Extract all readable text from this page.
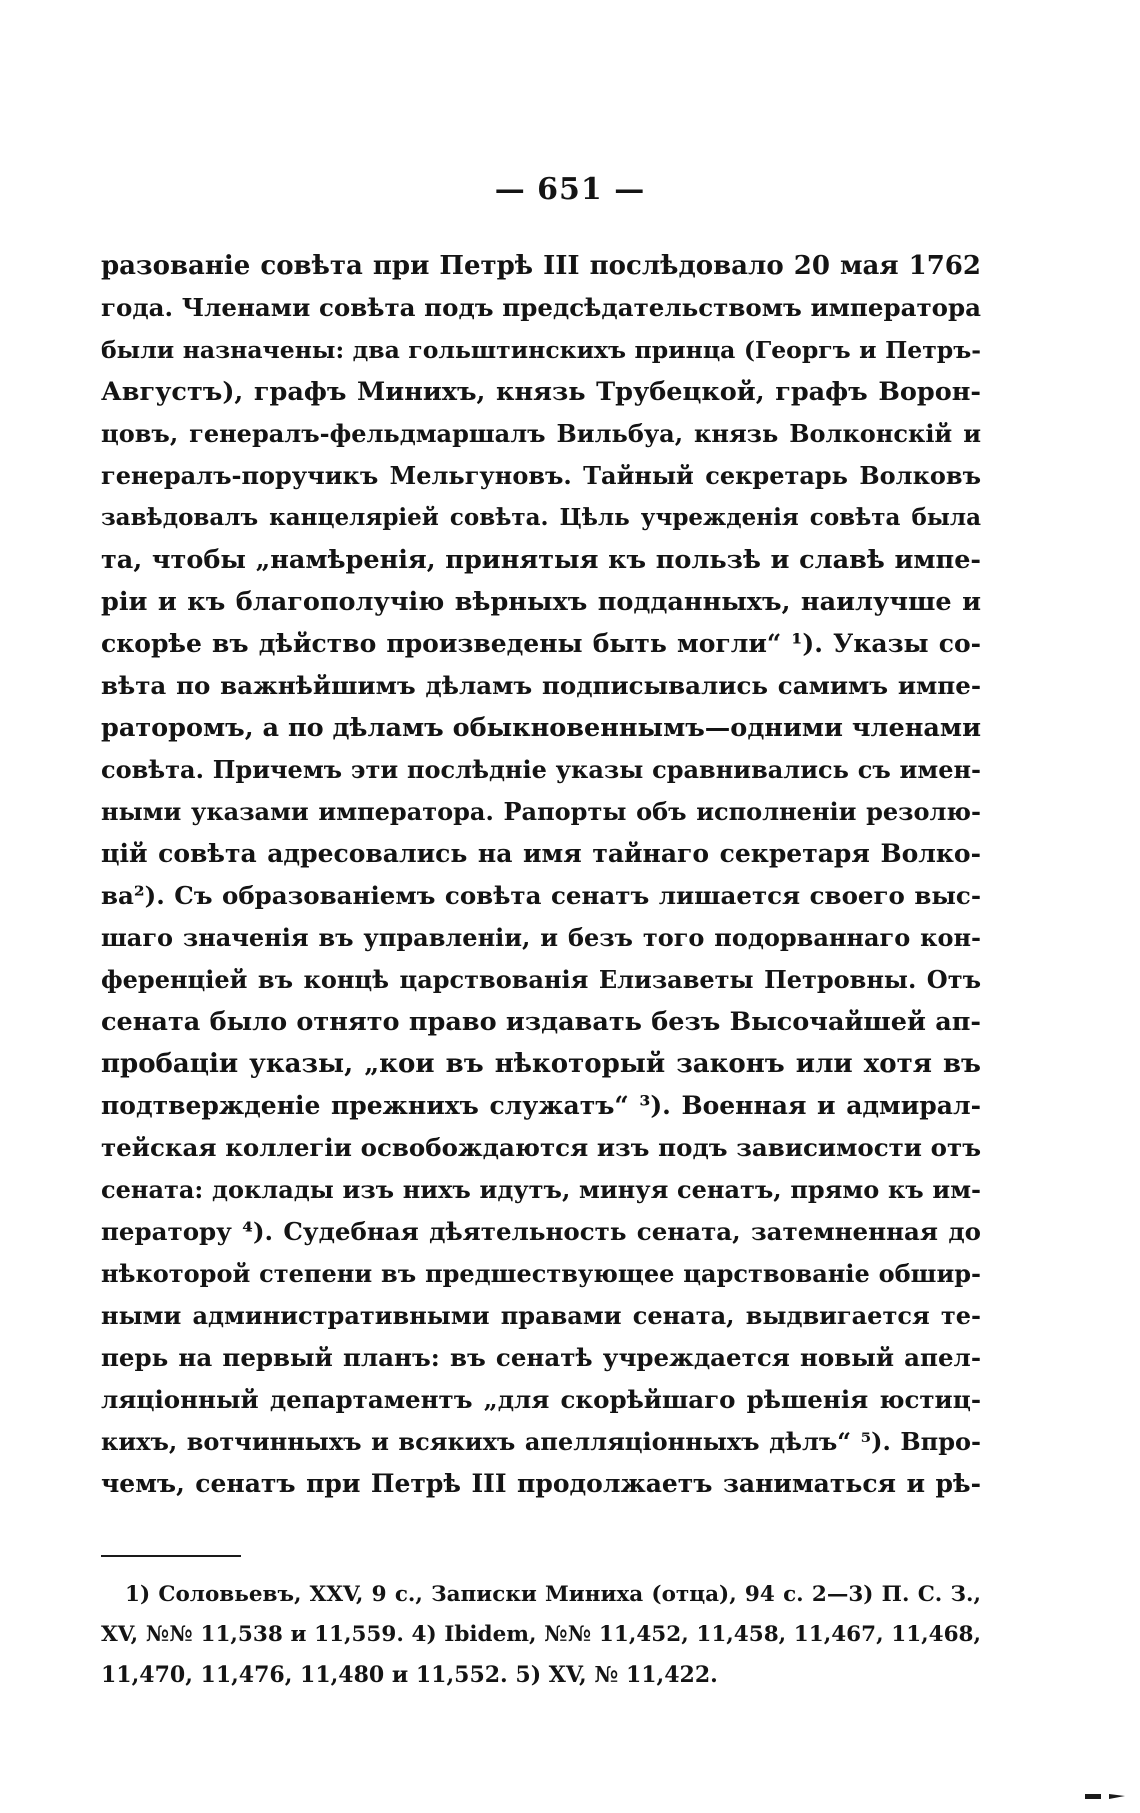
— 651 —
разованіе совѣта при Петрѣ III послѣдовало 20 мая 1762
года. Членами совѣта подъ предсѣдательствомъ императора
были назначены: два гольштинскихъ принца (Георгъ и Петръ-
Августъ), графъ Минихъ, князь Трубецкой, графъ Ворон-
цовъ, генералъ-фельдмаршалъ Вильбуа, князь Волконскій и
генералъ-поручикъ Мельгуновъ. Тайный секретарь Волковъ
завѣдовалъ канцеляріей совѣта. Цѣль учрежденія совѣта была
та, чтобы „намѣренія, принятыя къ пользѣ и славѣ импе-
ріи и къ благополучію вѣрныхъ подданныхъ, наилучше и
скорѣе въ дѣйство произведены быть могли“ ¹). Указы со-
вѣта по важнѣйшимъ дѣламъ подписывались самимъ импе-
раторомъ, а по дѣламъ обыкновеннымъ—одними членами
совѣта. Причемъ эти послѣдніе указы сравнивались съ имен-
ными указами императора. Рапорты объ исполненіи резолю-
цій совѣта адресовались на имя тайнаго секретаря Волко-
ва²). Съ образованіемъ совѣта сенатъ лишается своего выс-
шаго значенія въ управленіи, и безъ того подорваннаго кон-
ференціей въ концѣ царствованія Елизаветы Петровны. Отъ
сената было отнято право издавать безъ Высочайшей ап-
пробаціи указы, „кои въ нѣкоторый законъ или хотя въ
подтвержденіе прежнихъ служатъ“ ³). Военная и адмирал-
тейская коллегіи освобождаются изъ подъ зависимости отъ
сената: доклады изъ нихъ идутъ, минуя сенатъ, прямо къ им-
ператору ⁴). Судебная дѣятельность сената, затемненная до
нѣкоторой степени въ предшествующее царствованіе обшир-
ными административными правами сената, выдвигается те-
перь на первый планъ: въ сенатѣ учреждается новый апел-
ляціонный департаментъ „для скорѣйшаго рѣшенія юстиц-
кихъ, вотчинныхъ и всякихъ апелляціонныхъ дѣлъ“ ⁵). Впро-
чемъ, сенатъ при Петрѣ III продолжаетъ заниматься и рѣ-
1) Соловьевъ, XXV, 9 с., Записки Миниха (отца), 94 с. 2—3) П. С. З.,
XV, №№ 11,538 и 11,559. 4) Ibidem, №№ 11,452, 11,458, 11,467, 11,468,
11,470, 11,476, 11,480 и 11,552. 5) XV, № 11,422.
